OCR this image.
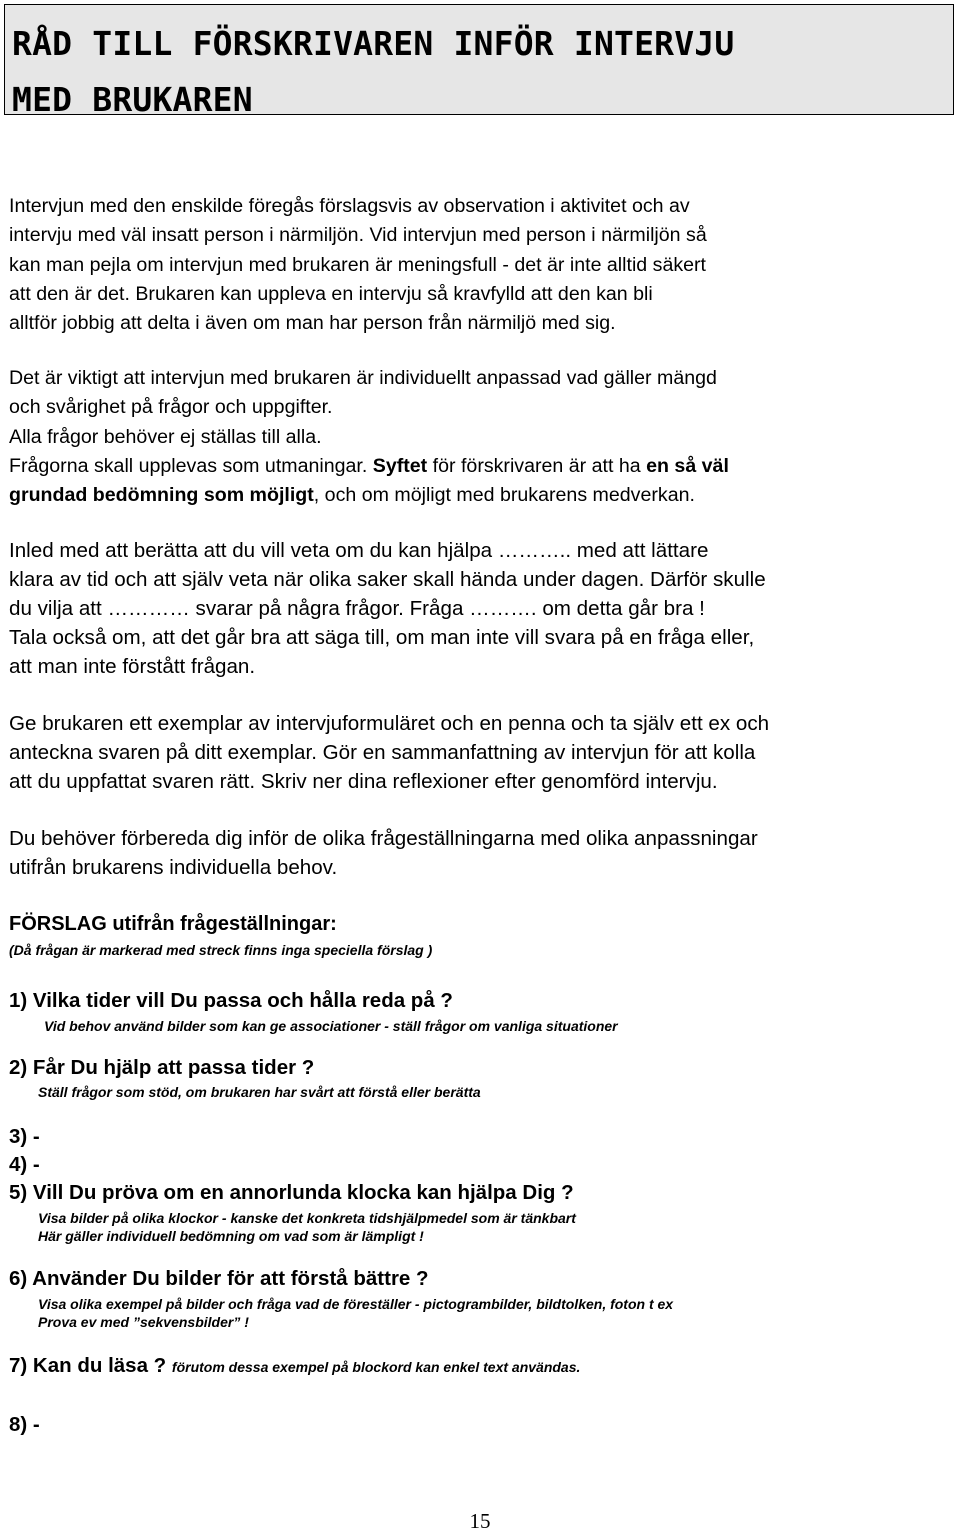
RÅD TILL FÖRSKRIVAREN INFÖR INTERVJU
MED BRUKAREN

Intervjun med den enskilde föregås förslagsvis av observation i aktivitet och av
intervju med väl insatt person i närmiljön. Vid intervjun med person i närmiljön så
kan man pejla om intervjun med brukaren är meningsfull - det är inte alltid säkert
att den är det. Brukaren kan uppleva en intervju så kravfylld att den kan bli
alltför jobbig att delta i även om man har person från närmiljö med sig.

Det är viktigt att intervjun med brukaren är individuellt anpassad vad gäller mängd
och svårighet på frågor och uppgifter.
Alla frågor behöver ej ställas till alla.
Frågorna skall upplevas som utmaningar. Syftet för förskrivaren är att ha en så väl
grundad bedömning som möjligt, och om möjligt med brukarens medverkan.

Inled med att berätta att du vill veta om du kan hjälpa ……….. med att lättare
klara av tid och att själv veta när olika saker skall hända under dagen. Därför skulle
du vilja att ………… svarar på några frågor. Fråga ………. om detta går bra !
Tala också om, att det går bra att säga till, om man inte vill svara på en fråga eller,
att man inte förstått frågan.

Ge brukaren ett exemplar av intervjuformuläret och en penna och ta själv ett ex och
anteckna svaren på ditt exemplar. Gör en sammanfattning av intervjun för att kolla
att du uppfattat svaren rätt. Skriv ner dina reflexioner efter genomförd intervju.

Du behöver förbereda dig inför de olika frågeställningarna med olika anpassningar
utifrån brukarens individuella behov.

FÖRSLAG utifrån frågeställningar:

(Då frågan är markerad med streck finns inga speciella förslag )

1) Vilka tider vill Du passa och hålla reda på ?

Vid behov använd bilder som kan ge associationer - ställ frågor om vanliga situationer

2) Får Du hjälp att passa tider ?

Ställ frågor som stöd, om brukaren har svårt att förstå eller berätta

3) -

4) -

5) Vill Du pröva om en annorlunda klocka kan hjälpa Dig ?

Visa bilder på olika klockor - kanske det konkreta tidshjälpmedel som är tänkbart

Här gäller individuell bedömning om vad som är lämpligt !

6) Använder Du bilder för att förstå bättre ?

Visa olika exempel på bilder och fråga vad de föreställer - pictogrambilder, bildtolken, foton t ex

Prova ev med ”sekvensbilder” !

7) Kan du läsa ? förutom dessa exempel på blockord kan enkel text användas.

8) -

15
